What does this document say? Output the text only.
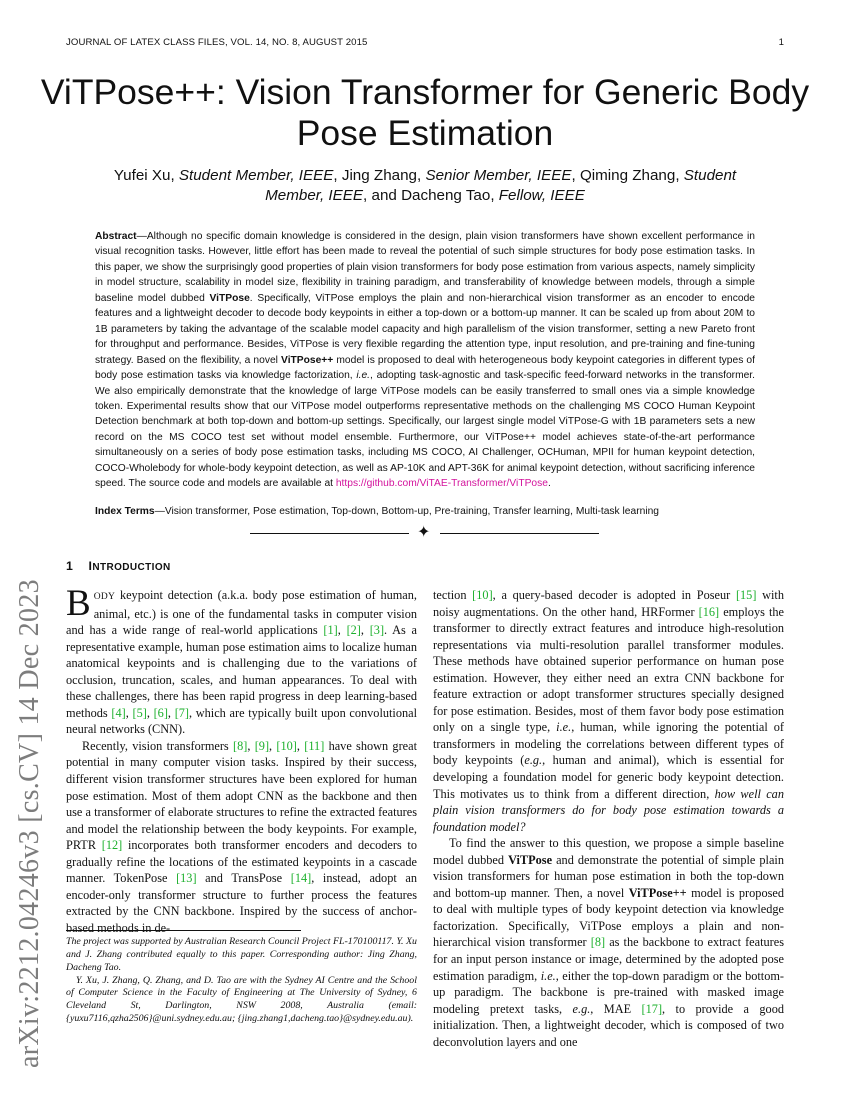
JOURNAL OF LATEX CLASS FILES, VOL. 14, NO. 8, AUGUST 2015	1
arXiv:2212.04246v3 [cs.CV] 14 Dec 2023
ViTPose++: Vision Transformer for Generic Body Pose Estimation
Yufei Xu, Student Member, IEEE, Jing Zhang, Senior Member, IEEE, Qiming Zhang, Student Member, IEEE, and Dacheng Tao, Fellow, IEEE
Abstract—Although no specific domain knowledge is considered in the design, plain vision transformers have shown excellent performance in visual recognition tasks. However, little effort has been made to reveal the potential of such simple structures for body pose estimation tasks. In this paper, we show the surprisingly good properties of plain vision transformers for body pose estimation from various aspects, namely simplicity in model structure, scalability in model size, flexibility in training paradigm, and transferability of knowledge between models, through a simple baseline model dubbed ViTPose. Specifically, ViTPose employs the plain and non-hierarchical vision transformer as an encoder to encode features and a lightweight decoder to decode body keypoints in either a top-down or a bottom-up manner. It can be scaled up from about 20M to 1B parameters by taking the advantage of the scalable model capacity and high parallelism of the vision transformer, setting a new Pareto front for throughput and performance. Besides, ViTPose is very flexible regarding the attention type, input resolution, and pre-training and fine-tuning strategy. Based on the flexibility, a novel ViTPose++ model is proposed to deal with heterogeneous body keypoint categories in different types of body pose estimation tasks via knowledge factorization, i.e., adopting task-agnostic and task-specific feed-forward networks in the transformer. We also empirically demonstrate that the knowledge of large ViTPose models can be easily transferred to small ones via a simple knowledge token. Experimental results show that our ViTPose model outperforms representative methods on the challenging MS COCO Human Keypoint Detection benchmark at both top-down and bottom-up settings. Specifically, our largest single model ViTPose-G with 1B parameters sets a new record on the MS COCO test set without model ensemble. Furthermore, our ViTPose++ model achieves state-of-the-art performance simultaneously on a series of body pose estimation tasks, including MS COCO, AI Challenger, OCHuman, MPII for human keypoint detection, COCO-Wholebody for whole-body keypoint detection, as well as AP-10K and APT-36K for animal keypoint detection, without sacrificing inference speed. The source code and models are available at https://github.com/ViTAE-Transformer/ViTPose.
Index Terms—Vision transformer, Pose estimation, Top-down, Bottom-up, Pre-training, Transfer learning, Multi-task learning
✦
1 INTRODUCTION

BODY keypoint detection (a.k.a. body pose estimation of human, animal, etc.) is one of the fundamental tasks in computer vision and has a wide range of real-world applications [1], [2], [3]. As a representative example, human pose estimation aims to localize human anatomical keypoints and is challenging due to the variations of occlusion, truncation, scales, and human appearances. To deal with these challenges, there has been rapid progress in deep learning-based methods [4], [5], [6], [7], which are typically built upon convolutional neural networks (CNN).

Recently, vision transformers [8], [9], [10], [11] have shown great potential in many computer vision tasks. Inspired by their success, different vision transformer structures have been explored for human pose estimation. Most of them adopt CNN as the backbone and then use a transformer of elaborate structures to refine the extracted features and model the relationship between the body keypoints. For example, PRTR [12] incorporates both transformer encoders and decoders to gradually refine the locations of the estimated keypoints in a cascade manner. TokenPose [13] and TransPose [14], instead, adopt an encoder-only transformer structure to further process the features extracted by the CNN backbone. Inspired by the success of anchor-based methods in de-

The project was supported by Australian Research Council Project FL-170100117. Y. Xu and J. Zhang contributed equally to this paper. Corresponding author: Jing Zhang, Dacheng Tao.

Y. Xu, J. Zhang, Q. Zhang, and D. Tao are with the Sydney AI Centre and the School of Computer Science in the Faculty of Engineering at The University of Sydney, 6 Cleveland St, Darlington, NSW 2008, Australia (email: {yuxu7116,qzha2506}@uni.sydney.edu.au; {jing.zhang1,dacheng.tao}@sydney.edu.au).

tection [10], a query-based decoder is adopted in Poseur [15] with noisy augmentations. On the other hand, HRFormer [16] employs the transformer to directly extract features and introduce high-resolution representations via multi-resolution parallel transformer modules. These methods have obtained superior performance on human pose estimation. However, they either need an extra CNN backbone for feature extraction or adopt transformer structures specially designed for pose estimation. Besides, most of them favor body pose estimation only on a single type, i.e., human, while ignoring the potential of transformers in modeling the correlations between different types of body keypoints (e.g., human and animal), which is essential for developing a foundation model for generic body keypoint detection. This motivates us to think from a different direction, how well can plain vision transformers do for body pose estimation towards a foundation model?

To find the answer to this question, we propose a simple baseline model dubbed ViTPose and demonstrate the potential of simple plain vision transformers for human pose estimation in both the top-down and bottom-up manner. Then, a novel ViTPose++ model is proposed to deal with multiple types of body keypoint detection via knowledge factorization. Specifically, ViTPose employs a plain and non-hierarchical vision transformer [8] as the backbone to extract features for an input person instance or image, determined by the adopted pose estimation paradigm, i.e., either the top-down paradigm or the bottom-up paradigm. The backbone is pre-trained with masked image modeling pretext tasks, e.g., MAE [17], to provide a good initialization. Then, a lightweight decoder, which is composed of two deconvolution layers and one
